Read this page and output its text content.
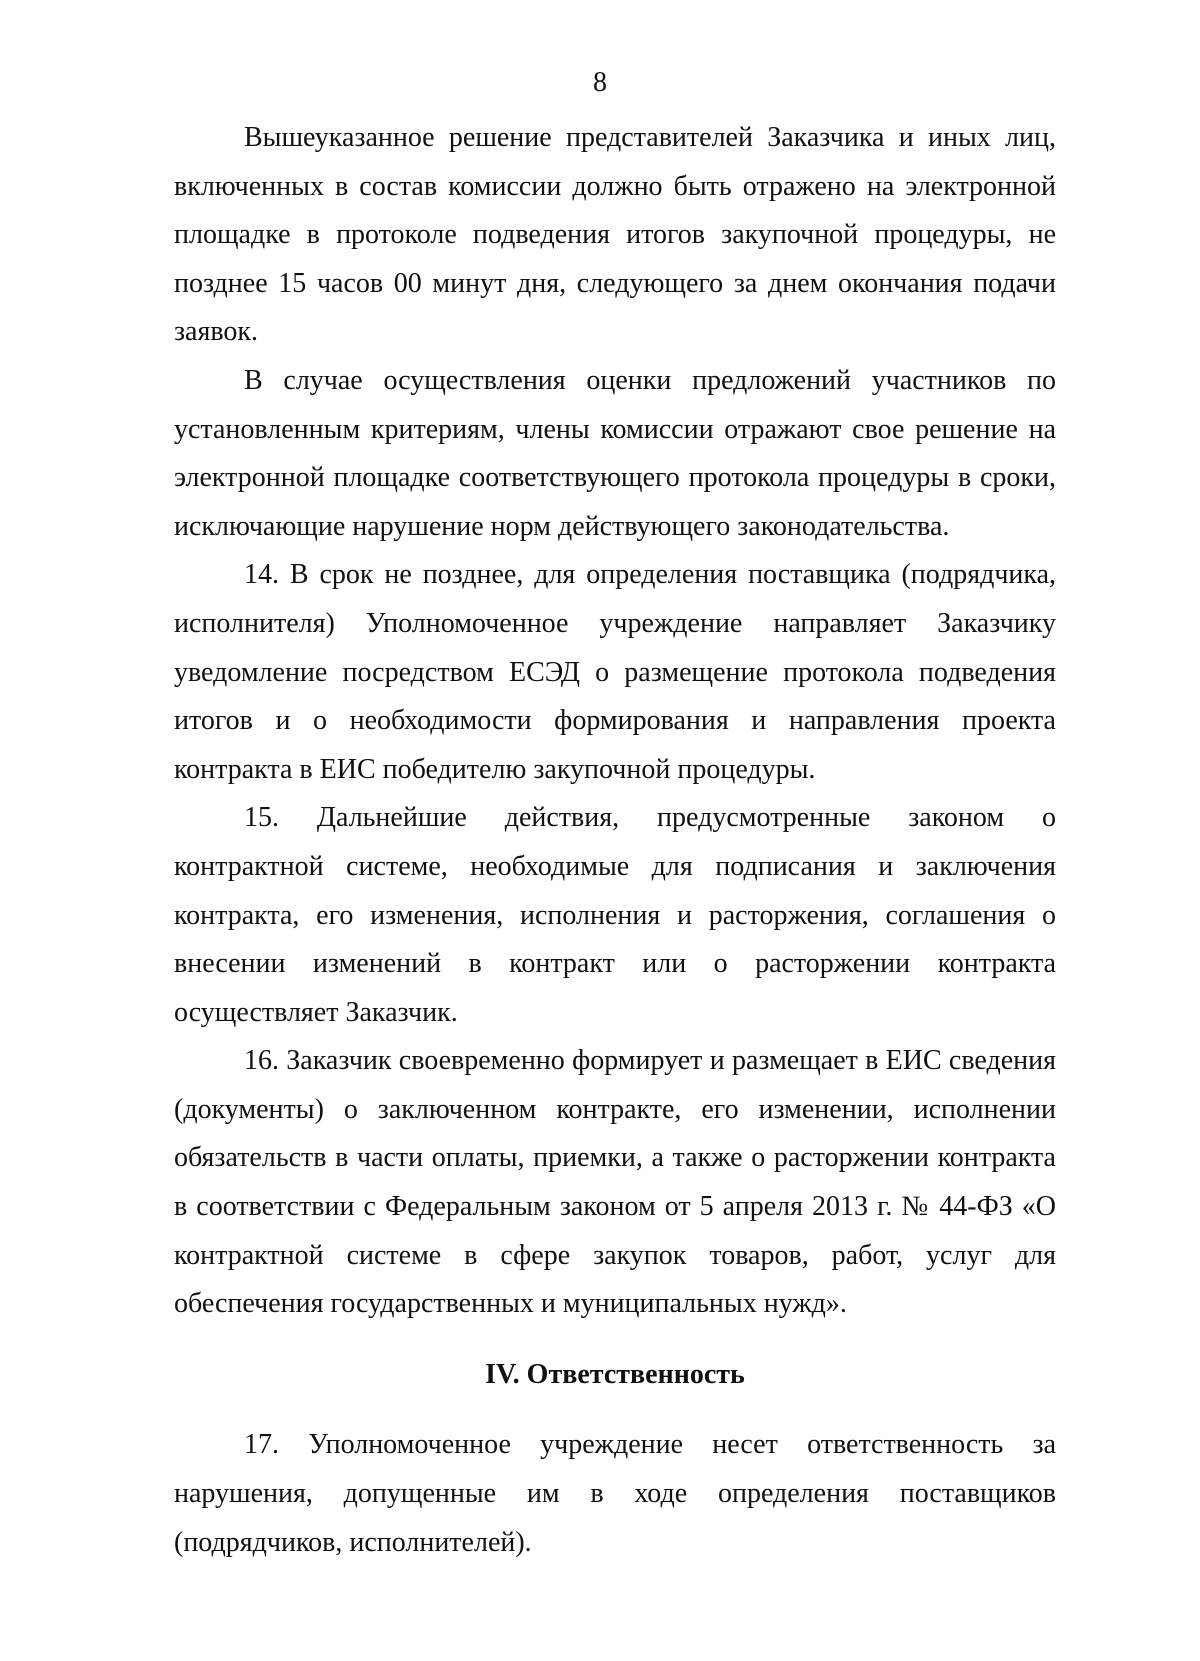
8

Вышеуказанное решение представителей Заказчика и иных лиц, включенных в состав комиссии должно быть отражено на электронной площадке в протоколе подведения итогов закупочной процедуры, не позднее 15 часов 00 минут дня, следующего за днем окончания подачи заявок.

В случае осуществления оценки предложений участников по установленным критериям, члены комиссии отражают свое решение на электронной площадке соответствующего протокола процедуры в сроки, исключающие нарушение норм действующего законодательства.

14. В срок не позднее, для определения поставщика (подрядчика, исполнителя) Уполномоченное учреждение направляет Заказчику уведомление посредством ЕСЭД о размещение протокола подведения итогов и о необходимости формирования и направления проекта контракта в ЕИС победителю закупочной процедуры.

15. Дальнейшие действия, предусмотренные законом о контрактной системе, необходимые для подписания и заключения контракта, его изменения, исполнения и расторжения, соглашения о внесении изменений в контракт или о расторжении контракта осуществляет Заказчик.

16. Заказчик своевременно формирует и размещает в ЕИС сведения (документы) о заключенном контракте, его изменении, исполнении обязательств в части оплаты, приемки, а также о расторжении контракта в соответствии с Федеральным законом от 5 апреля 2013 г. № 44-ФЗ «О контрактной системе в сфере закупок товаров, работ, услуг для обеспечения государственных и муниципальных нужд».

IV. Ответственность

17. Уполномоченное учреждение несет ответственность за нарушения, допущенные им в ходе определения поставщиков (подрядчиков, исполнителей).
